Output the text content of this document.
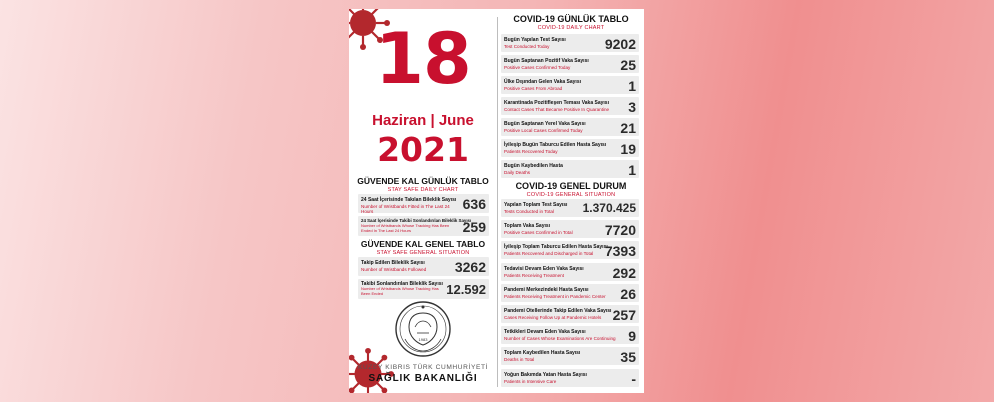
18
Haziran | June
2021
GÜVENDE KAL GÜNLÜK TABLO
STAY SAFE DAILY CHART
24 Saat İçerisinde Takılan Bileklik Sayısı
Number of Wristbands Fitted in The Last 24 Hours	636
24 Saat İçerisinde Takibi Sonlandırılan Bileklik Sayısı
Number of Wristbands Whose Tracking Has Been Ended In The Last 24 Hours	259
GÜVENDE KAL GENEL TABLO
STAY SAFE GENERAL SITUATION
Takip Edilen Bileklik Sayısı
Number of Wristbands Followed	3262
Takibi Sonlandırılan Bileklik Sayısı
Number of Wristbands Whose Tracking Has Been Ended	12.592
1983
KUZEY KIBRIS TÜRK CUMHURİYETİ
SAĞLIK BAKANLIĞI
COVID-19 GÜNLÜK TABLO
COVID-19 DAILY CHART
Bugün Yapılan Test Sayısı
Test Conducted Today	9202
Bugün Saptanan Pozitif Vaka Sayısı
Positive Cases Confirmed Today	25
Ülke Dışından Gelen Vaka Sayısı
Positive Cases From Abroad	1
Karantinada Pozitifleşen Teması Vaka Sayısı
Contact Cases That Became Positive In Quarantine	3
Bugün Saptanan Yerel Vaka Sayısı
Positive Local Cases Confirmed Today	21
İyileşip Bugün Taburcu Edilen Hasta Sayısı
Patients Recovered Today	19
Bugün Kaybedilen Hasta
Daily Deaths	1
COVID-19 GENEL DURUM
COVID-19 GENERAL SITUATION
Yapılan Toplam Test Sayısı
Tests Conducted in Total	1.370.425
Toplam Vaka Sayısı
Positive Cases Confirmed in Total	7720
İyileşip Toplam Taburcu Edilen Hasta Sayısı
Patients Recovered and Discharged in Total 7393
Tedavisi Devam Eden Vaka Sayısı
Patients Receiving Treatment	292
Pandemi Merkezindeki Hasta Sayısı
Patients Receiving Treatment in Pandemic Center	26
Pandemi Otellerinde Takip Edilen Vaka Sayısı
Cases Receiving Follow Up at Pandemic Hotels 257
Tetkikleri Devam Eden Vaka Sayısı
Number of Cases Whose Examinations Are Continuing 9
Toplam Kaybedilen Hasta Sayısı
Deaths in Total	35
Yoğun Bakımda Yatan Hasta Sayısı
Patients in Intensive Care	-
